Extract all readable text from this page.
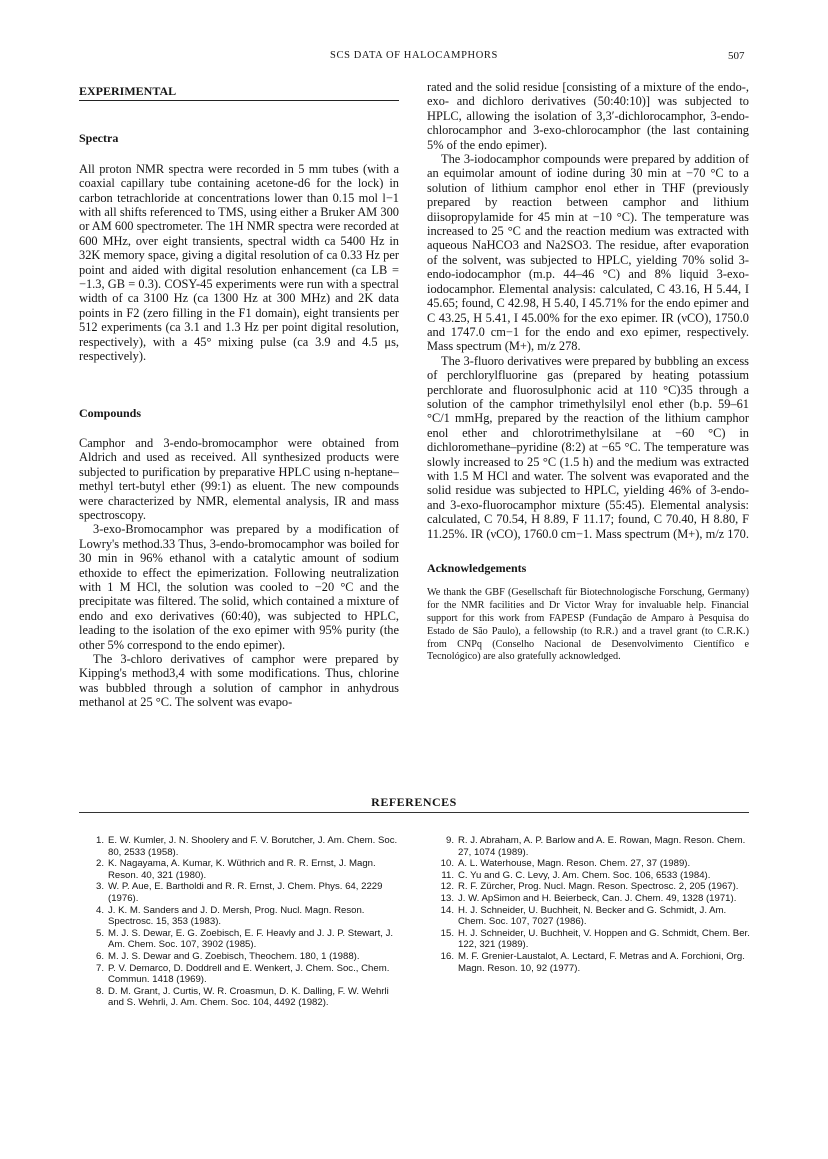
SCS DATA OF HALOCAMPHORS	507
EXPERIMENTAL
Spectra

All proton NMR spectra were recorded in 5 mm tubes (with a coaxial capillary tube containing acetone-d6 for the lock) in carbon tetrachloride at concentrations lower than 0.15 mol l−1 with all shifts referenced to TMS, using either a Bruker AM 300 or AM 600 spectrometer. The 1H NMR spectra were recorded at 600 MHz, over eight transients, spectral width ca 5400 Hz in 32K memory space, giving a digital resolution of ca 0.33 Hz per point and aided with digital resolution enhancement (ca LB = −1.3, GB = 0.3). COSY-45 experiments were run with a spectral width of ca 3100 Hz (ca 1300 Hz at 300 MHz) and 2K data points in F2 (zero filling in the F1 domain), eight transients per 512 experiments (ca 3.1 and 1.3 Hz per point digital resolution, respectively), with a 45° mixing pulse (ca 3.9 and 4.5 μs, respectively).

Compounds

Camphor and 3-endo-bromocamphor were obtained from Aldrich and used as received. All synthesized products were subjected to purification by preparative HPLC using n-heptane–methyl tert-butyl ether (99:1) as eluent. The new compounds were characterized by NMR, elemental analysis, IR and mass spectroscopy.

3-exo-Bromocamphor was prepared by a modification of Lowry's method.33 Thus, 3-endo-bromocamphor was boiled for 30 min in 96% ethanol with a catalytic amount of sodium ethoxide to effect the epimerization. Following neutralization with 1 M HCl, the solution was cooled to −20 °C and the precipitate was filtered. The solid, which contained a mixture of endo and exo derivatives (60:40), was subjected to HPLC, leading to the isolation of the exo epimer with 95% purity (the other 5% correspond to the endo epimer).

The 3-chloro derivatives of camphor were prepared by Kipping's method3,4 with some modifications. Thus, chlorine was bubbled through a solution of camphor in anhydrous methanol at 25 °C. The solvent was evapo-

rated and the solid residue [consisting of a mixture of the endo-, exo- and dichloro derivatives (50:40:10)] was subjected to HPLC, allowing the isolation of 3,3′-dichlorocamphor, 3-endo-chlorocamphor and 3-exo-chlorocamphor (the last containing 5% of the endo epimer).

The 3-iodocamphor compounds were prepared by addition of an equimolar amount of iodine during 30 min at −70 °C to a solution of lithium camphor enol ether in THF (previously prepared by reaction between camphor and lithium diisopropylamide for 45 min at −10 °C). The temperature was increased to 25 °C and the reaction medium was extracted with aqueous NaHCO3 and Na2SO3. The residue, after evaporation of the solvent, was subjected to HPLC, yielding 70% solid 3-endo-iodocamphor (m.p. 44–46 °C) and 8% liquid 3-exo-iodocamphor. Elemental analysis: calculated, C 43.16, H 5.44, I 45.65; found, C 42.98, H 5.40, I 45.71% for the endo epimer and C 43.25, H 5.41, I 45.00% for the exo epimer. IR (νCO), 1750.0 and 1747.0 cm−1 for the endo and exo epimer, respectively. Mass spectrum (M+), m/z 278.

The 3-fluoro derivatives were prepared by bubbling an excess of perchlorylfluorine gas (prepared by heating potassium perchlorate and fluorosulphonic acid at 110 °C)35 through a solution of the camphor trimethylsilyl enol ether (b.p. 59–61 °C/1 mmHg, prepared by the reaction of the lithium camphor enol ether and chlorotrimethylsilane at −60 °C) in dichloromethane–pyridine (8:2) at −65 °C. The temperature was slowly increased to 25 °C (1.5 h) and the medium was extracted with 1.5 M HCl and water. The solvent was evaporated and the solid residue was subjected to HPLC, yielding 46% of 3-endo- and 3-exo-fluorocamphor mixture (55:45). Elemental analysis: calculated, C 70.54, H 8.89, F 11.17; found, C 70.40, H 8.80, F 11.25%. IR (νCO), 1760.0 cm−1. Mass spectrum (M+), m/z 170.

Acknowledgements

We thank the GBF (Gesellschaft für Biotechnologische Forschung, Germany) for the NMR facilities and Dr Victor Wray for invaluable help. Financial support for this work from FAPESP (Fundação de Amparo à Pesquisa do Estado de São Paulo), a fellowship (to R.R.) and a travel grant (to C.R.K.) from CNPq (Conselho Nacional de Desenvolvimento Científico e Tecnológico) are also gratefully acknowledged.

REFERENCES
1. E. W. Kumler, J. N. Shoolery and F. V. Borutcher, J. Am. Chem. Soc. 80, 2533 (1958).
2. K. Nagayama, A. Kumar, K. Wüthrich and R. R. Ernst, J. Magn. Reson. 40, 321 (1980).
3. W. P. Aue, E. Bartholdi and R. R. Ernst, J. Chem. Phys. 64, 2229 (1976).
4. J. K. M. Sanders and J. D. Mersh, Prog. Nucl. Magn. Reson. Spectrosc. 15, 353 (1983).
5. M. J. S. Dewar, E. G. Zoebisch, E. F. Heavly and J. J. P. Stewart, J. Am. Chem. Soc. 107, 3902 (1985).
6. M. J. S. Dewar and G. Zoebisch, Theochem. 180, 1 (1988).
7. P. V. Demarco, D. Doddrell and E. Wenkert, J. Chem. Soc., Chem. Commun. 1418 (1969).
8. D. M. Grant, J. Curtis, W. R. Croasmun, D. K. Dalling, F. W. Wehrli and S. Wehrli, J. Am. Chem. Soc. 104, 4492 (1982).
9. R. J. Abraham, A. P. Barlow and A. E. Rowan, Magn. Reson. Chem. 27, 1074 (1989).
10. A. L. Waterhouse, Magn. Reson. Chem. 27, 37 (1989).
11. C. Yu and G. C. Levy, J. Am. Chem. Soc. 106, 6533 (1984).
12. R. F. Zürcher, Prog. Nucl. Magn. Reson. Spectrosc. 2, 205 (1967).
13. J. W. ApSimon and H. Beierbeck, Can. J. Chem. 49, 1328 (1971).
14. H. J. Schneider, U. Buchheit, N. Becker and G. Schmidt, J. Am. Chem. Soc. 107, 7027 (1986).
15. H. J. Schneider, U. Buchheit, V. Hoppen and G. Schmidt, Chem. Ber. 122, 321 (1989).
16. M. F. Grenier-Laustalot, A. Lectard, F. Metras and A. Forchioni, Org. Magn. Reson. 10, 92 (1977).
